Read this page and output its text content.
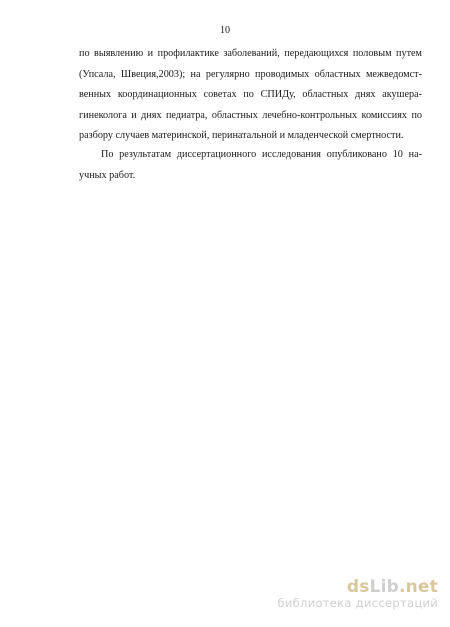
10
по выявлению и профилактике заболеваний, передающихся половым путем
(Упсала, Швеция,2003); на регулярно проводимых областных межведомст-
венных координационных советах по СПИДу, областных днях акушера-
гинеколога и днях педиатра, областных лечебно-контрольных комиссиях по
разбору случаев материнской, перинатальной и младенческой смертности.
По результатам диссертационного исследования опубликовано 10 на-
учных работ.
dsLib.net
библиотека диссертаций
